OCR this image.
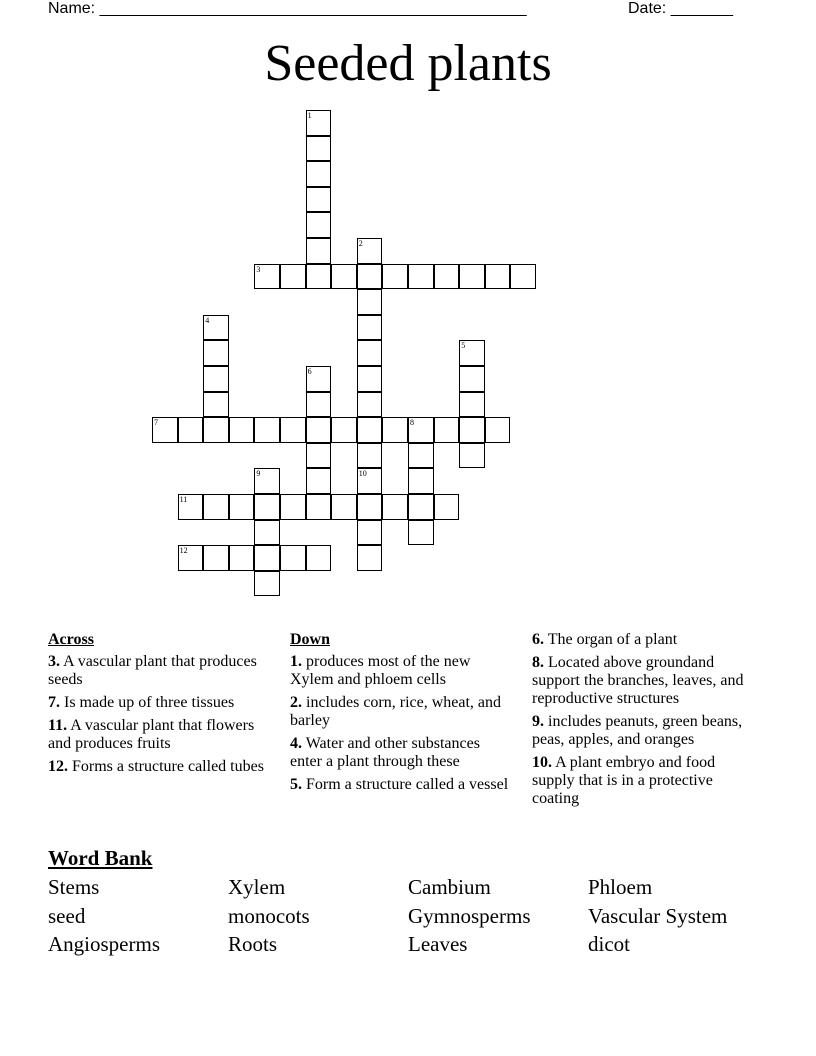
Name: ________________________________________________	Date: _______
Seeded plants
1
2
3
4
5
6
7	8
9	10
11
12
Across
3. A vascular plant that produces seeds
7. Is made up of three tissues
11. A vascular plant that flowers and produces fruits
12. Forms a structure called tubes
Down
1. produces most of the new Xylem and phloem cells
2. includes corn, rice, wheat, and barley
4. Water and other substances enter a plant through these
5. Form a structure called a vessel
6. The organ of a plant
8. Located above groundand support the branches, leaves, and reproductive structures
9. includes peanuts, green beans, peas, apples, and oranges
10. A plant embryo and food supply that is in a protective coating
Word Bank
Stems	Xylem	Cambium	Phloem
seed	monocots	Gymnosperms	Vascular System
Angiosperms	Roots	Leaves	dicot
